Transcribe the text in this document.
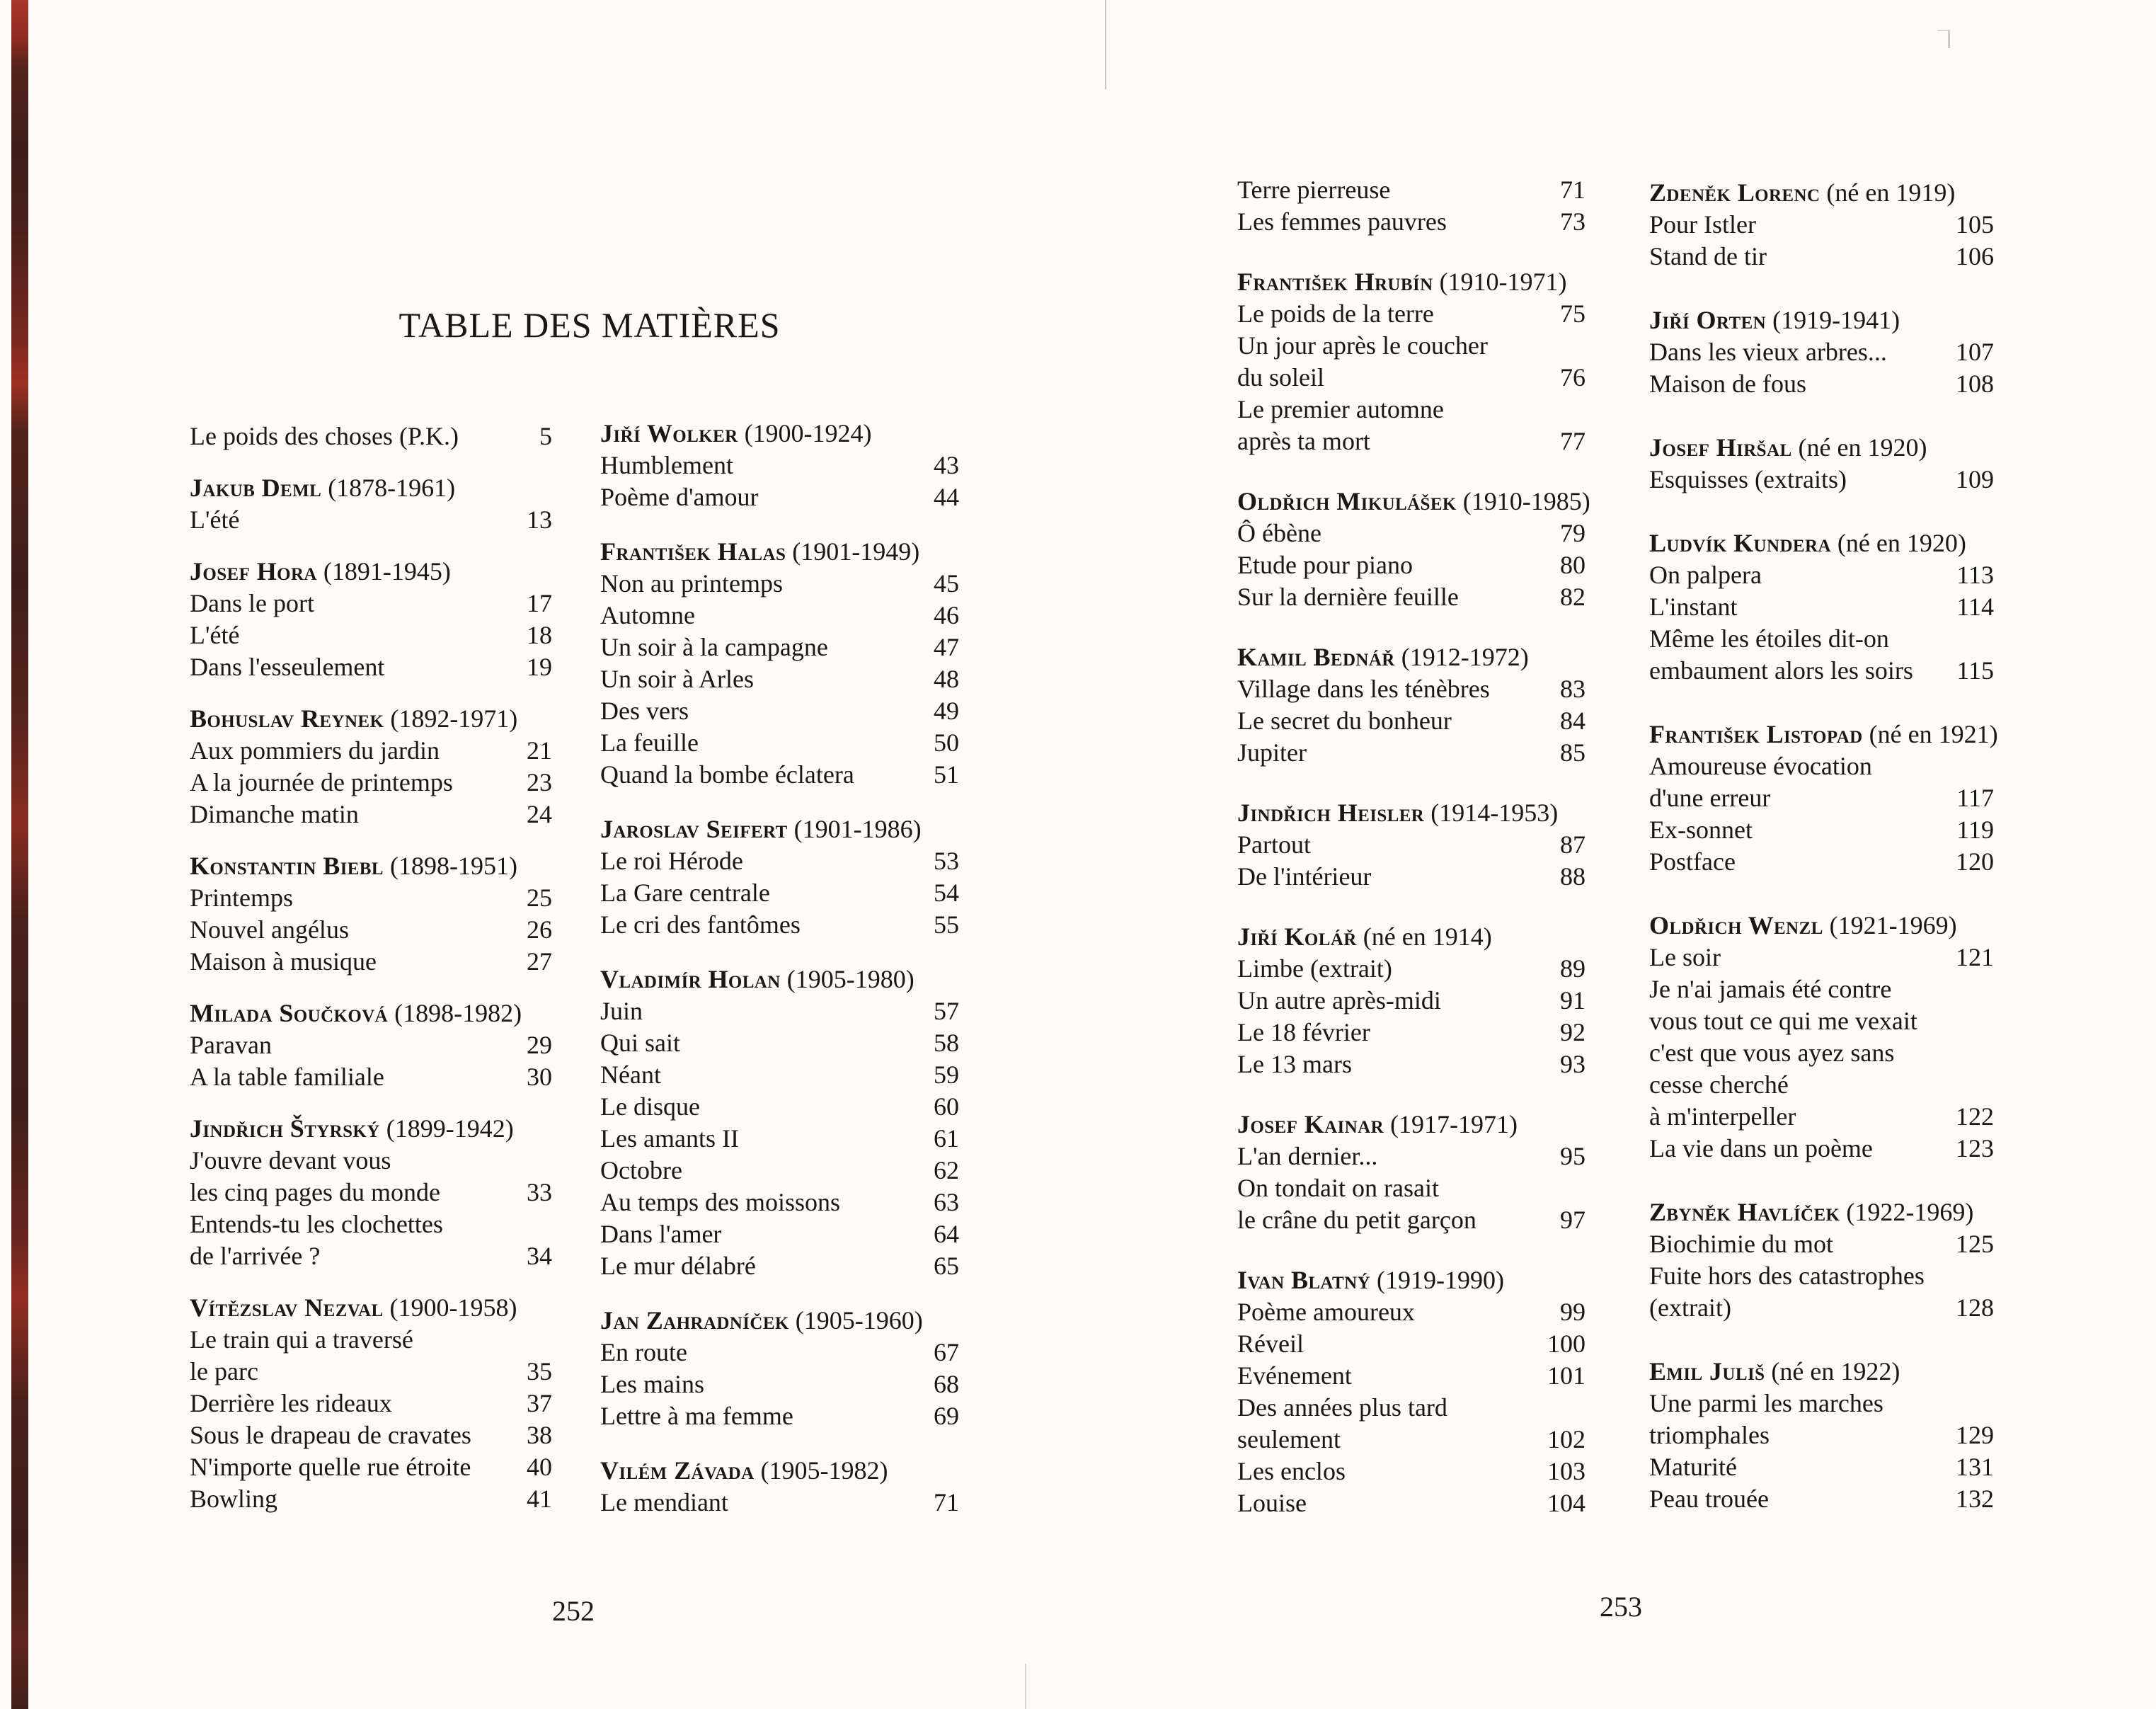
TABLE DES MATIÈRES
Le poids des choses (P.K.)	5
Jakub Deml (1878-1961)
L'été	13
Josef Hora (1891-1945)
Dans le port	17
L'été	18
Dans l'esseulement	19
Bohuslav Reynek (1892-1971)
Aux pommiers du jardin	21
A la journée de printemps	23
Dimanche matin	24
Konstantin Biebl (1898-1951)
Printemps	25
Nouvel angélus	26
Maison à musique	27
Milada Součková (1898-1982)
Paravan	29
A la table familiale	30
Jindřich Štyrský (1899-1942)
J'ouvre devant vous
les cinq pages du monde	33
Entends-tu les clochettes
de l'arrivée ?	34
Vítězslav Nezval (1900-1958)
Le train qui a traversé
le parc	35
Derrière les rideaux	37
Sous le drapeau de cravates 38
N'importe quelle rue étroite 40
Bowling	41
Jiří Wolker (1900-1924)
Humblement	43
Poème d'amour	44
František Halas (1901-1949)
Non au printemps	45
Automne	46
Un soir à la campagne	47
Un soir à Arles	48
Des vers	49
La feuille	50
Quand la bombe éclatera	51
Jaroslav Seifert (1901-1986)
Le roi Hérode	53
La Gare centrale	54
Le cri des fantômes	55
Vladimír Holan (1905-1980)
Juin	57
Qui sait	58
Néant	59
Le disque	60
Les amants II	61
Octobre	62
Au temps des moissons	63
Dans l'amer	64
Le mur délabré	65
Jan Zahradníček (1905-1960)
En route	67
Les mains	68
Lettre à ma femme	69
Vilém Závada (1905-1982)
Le mendiant	71
Terre pierreuse	71
Les femmes pauvres	73
František Hrubín (1910-1971)
Le poids de la terre	75
Un jour après le coucher
du soleil	76
Le premier automne
après ta mort	77
Oldřich Mikulášek (1910-1985)
Ô ébène	79
Etude pour piano	80
Sur la dernière feuille	82
Kamil Bednář (1912-1972)
Village dans les ténèbres	83
Le secret du bonheur	84
Jupiter	85
Jindřich Heisler (1914-1953)
Partout	87
De l'intérieur	88
Jiří Kolář (né en 1914)
Limbe (extrait)	89
Un autre après-midi	91
Le 18 février	92
Le 13 mars	93
Josef Kainar (1917-1971)
L'an dernier...	95
On tondait on rasait
le crâne du petit garçon	97
Ivan Blatný (1919-1990)
Poème amoureux	99
Réveil	100
Evénement	101
Des années plus tard
seulement	102
Les enclos	103
Louise	104
Zdeněk Lorenc (né en 1919)
Pour Istler	105
Stand de tir	106
Jiří Orten (1919-1941)
Dans les vieux arbres...	107
Maison de fous	108
Josef Hiršal (né en 1920)
Esquisses (extraits)	109
Ludvík Kundera (né en 1920)
On palpera	113
L'instant	114
Même les étoiles dit-on
embaument alors les soirs 115
František Listopad (né en 1921)
Amoureuse évocation
d'une erreur	117
Ex-sonnet	119
Postface	120
Oldřich Wenzl (1921-1969)
Le soir	121
Je n'ai jamais été contre
vous tout ce qui me vexait
c'est que vous ayez sans
cesse cherché
à m'interpeller	122
La vie dans un poème	123
Zbyněk Havlíček (1922-1969)
Biochimie du mot	125
Fuite hors des catastrophes
(extrait)	128
Emil Juliš (né en 1922)
Une parmi les marches
triomphales	129
Maturité	131
Peau trouée	132
252	253
